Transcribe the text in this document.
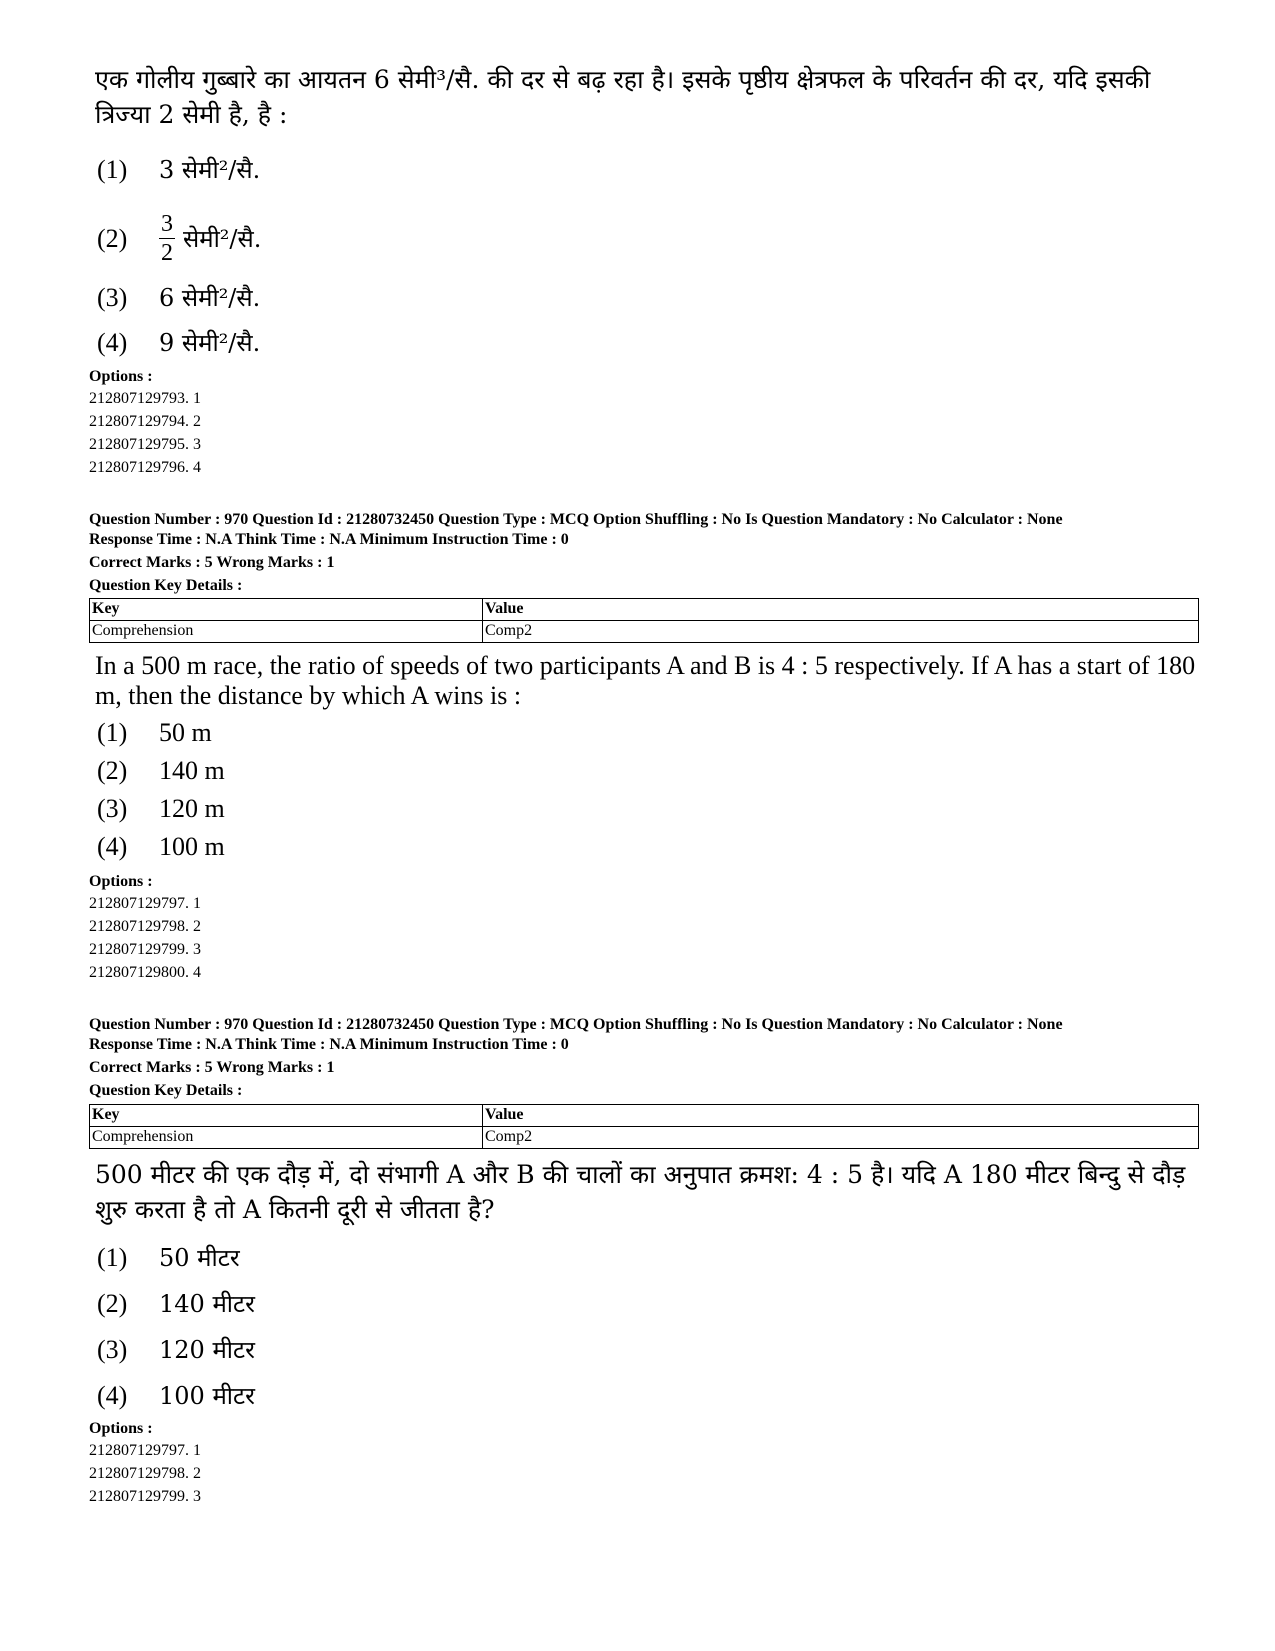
एक गोलीय गुब्बारे का आयतन 6 सेमी³/सै. की दर से बढ़ रहा है। इसके पृष्ठीय क्षेत्रफल के परिवर्तन की दर, यदि इसकी त्रिज्या 2 सेमी है, है :
(1)	3 सेमी²/सै.
(2)	$\frac{3}{2}$ सेमी²/सै.
(3)	6 सेमी²/सै.
(4)	9 सेमी²/सै.
Options :
212807129793. 1
212807129794. 2
212807129795. 3
212807129796. 4
Question Number : 970 Question Id : 21280732450 Question Type : MCQ Option Shuffling : No Is Question Mandatory : No Calculator : None
Response Time : N.A Think Time : N.A Minimum Instruction Time : 0
Correct Marks : 5 Wrong Marks : 1
Question Key Details :
Key	Value
Comprehension	Comp2
In a 500 m race, the ratio of speeds of two participants A and B is 4 : 5 respectively. If A has a start of 180 m, then the distance by which A wins is :
(1)	50 m
(2)	140 m
(3)	120 m
(4)	100 m
Options :
212807129797. 1
212807129798. 2
212807129799. 3
212807129800. 4
Question Number : 970 Question Id : 21280732450 Question Type : MCQ Option Shuffling : No Is Question Mandatory : No Calculator : None
Response Time : N.A Think Time : N.A Minimum Instruction Time : 0
Correct Marks : 5 Wrong Marks : 1
Question Key Details :
Key	Value
Comprehension	Comp2
500 मीटर की एक दौड़ में, दो संभागी A और B की चालों का अनुपात क्रमश: 4 : 5 है। यदि A 180 मीटर बिन्दु से दौड़ शुरु करता है तो A कितनी दूरी से जीतता है?
(1)	50 मीटर
(2)	140 मीटर
(3)	120 मीटर
(4)	100 मीटर
Options :
212807129797. 1
212807129798. 2
212807129799. 3
